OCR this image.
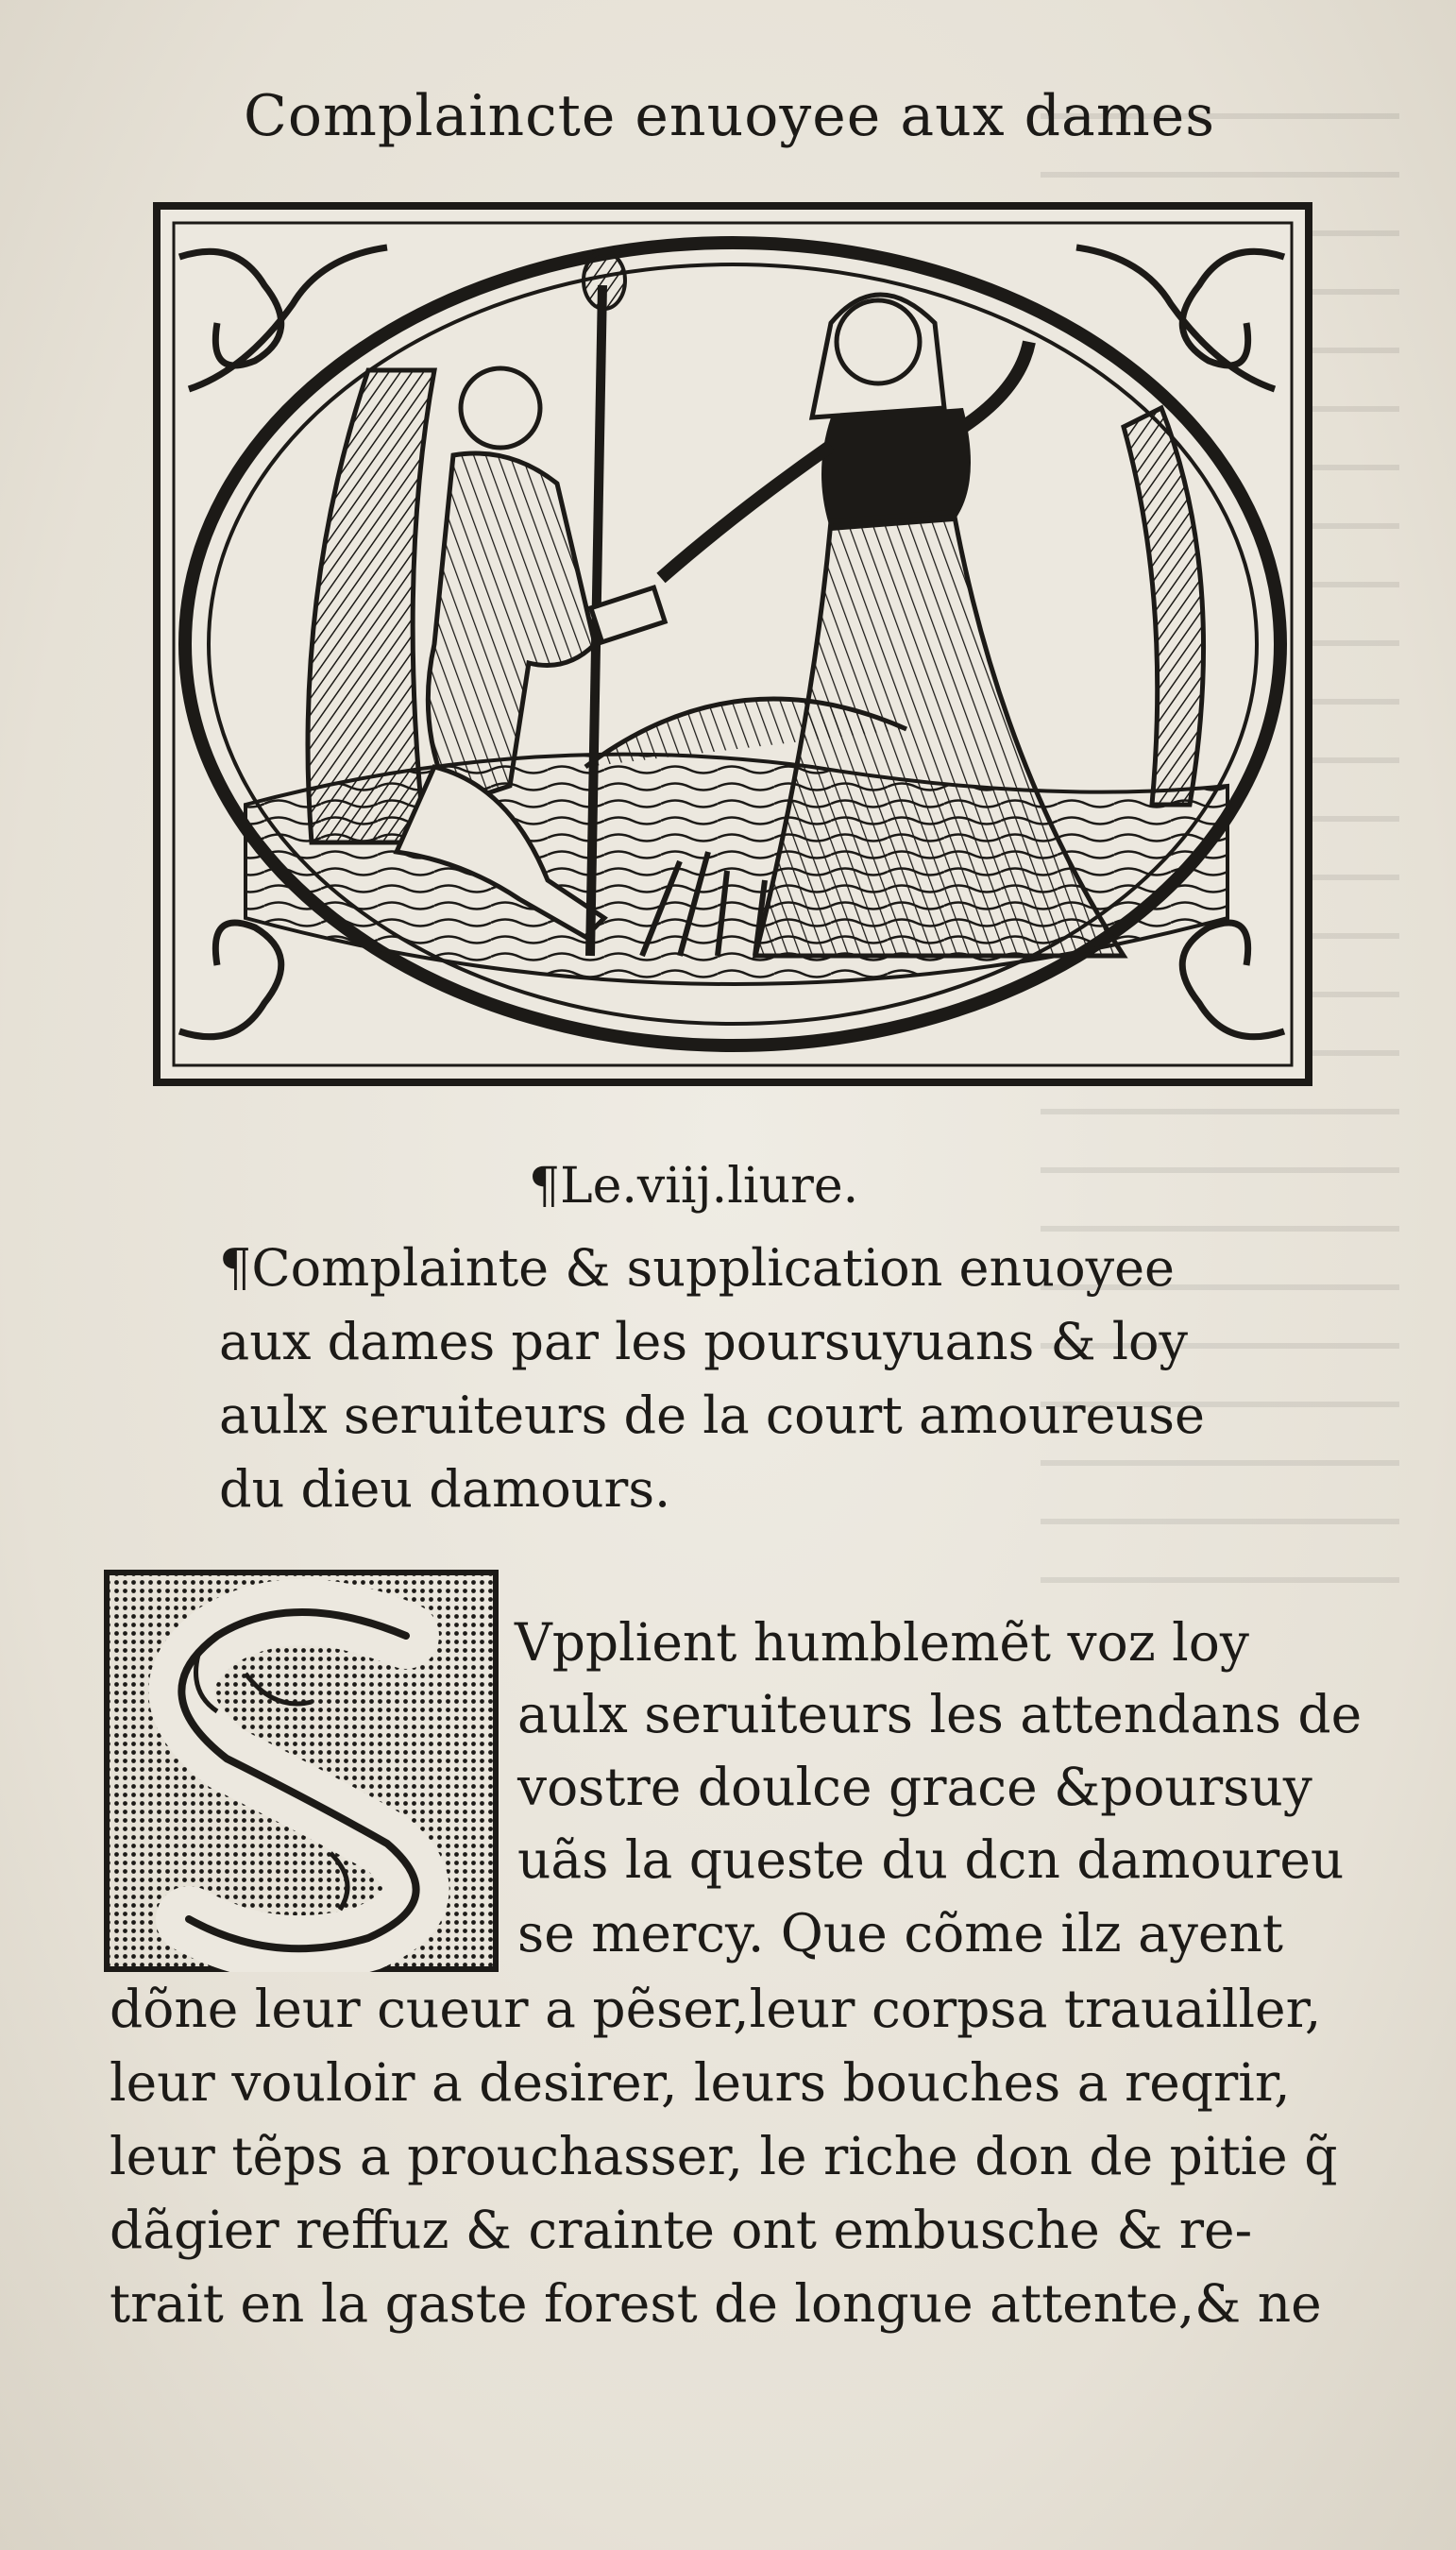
Complaincte enuoyee aux dames
¶Le.viij.liure.
¶Complainte & supplication enuoyee
aux dames par les poursuyuans & loy
aulx seruiteurs de la court amoureuse
du dieu damours.
Vpplient humblemẽt voz loy
aulx seruiteurs les attendans de
vostre doulce grace &poursuy
uãs la queste du dcn damoureu
se mercy. Que cõme ilz ayent
dõne leur cueur a pẽser,leur corpsa trauailler,
leur vouloir a desirer, leurs bouches a reqrir,
leur tẽps a prouchasser, le riche don de pitie q̃
dãgier reffuz & crainte ont embusche & re-
trait en la gaste forest de longue attente,& ne
